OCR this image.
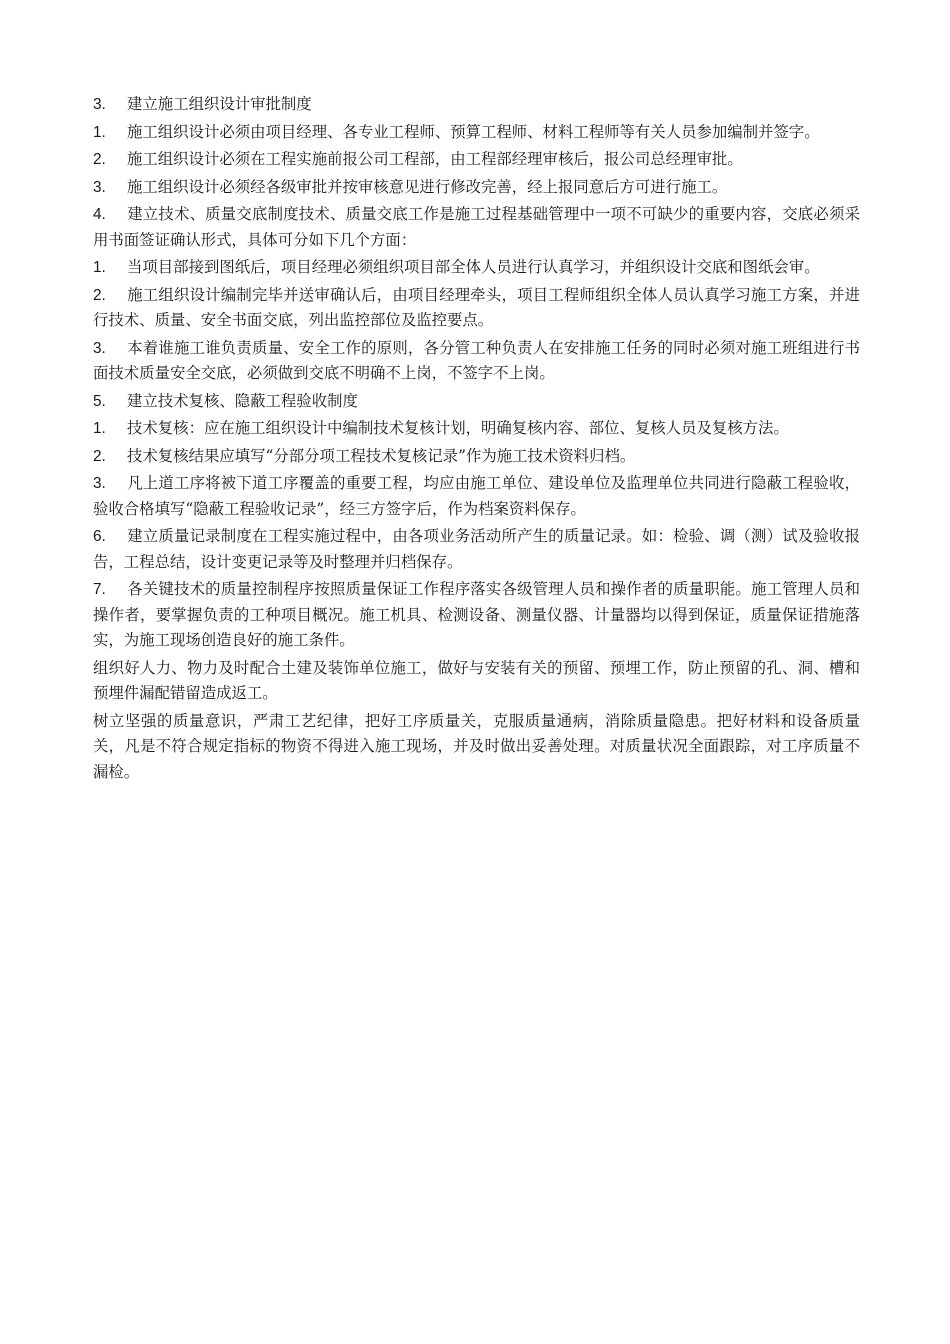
3. 建立施工组织设计审批制度

1. 施工组织设计必须由项目经理、各专业工程师、预算工程师、材料工程师等有关人员参加编制并签字。

2. 施工组织设计必须在工程实施前报公司工程部，由工程部经理审核后，报公司总经理审批。

3. 施工组织设计必须经各级审批并按审核意见进行修改完善，经上报同意后方可进行施工。

4. 建立技术、质量交底制度技术、质量交底工作是施工过程基础管理中一项不可缺少的重要内容，交底必须采用书面签证确认形式，具体可分如下几个方面：

1. 当项目部接到图纸后，项目经理必须组织项目部全体人员进行认真学习，并组织设计交底和图纸会审。

2. 施工组织设计编制完毕并送审确认后，由项目经理牵头，项目工程师组织全体人员认真学习施工方案，并进行技术、质量、安全书面交底，列出监控部位及监控要点。

3. 本着谁施工谁负责质量、安全工作的原则，各分管工种负责人在安排施工任务的同时必须对施工班组进行书面技术质量安全交底，必须做到交底不明确不上岗，不签字不上岗。

5. 建立技术复核、隐蔽工程验收制度

1. 技术复核：应在施工组织设计中编制技术复核计划，明确复核内容、部位、复核人员及复核方法。

2. 技术复核结果应填写“分部分项工程技术复核记录”作为施工技术资料归档。

3. 凡上道工序将被下道工序覆盖的重要工程，均应由施工单位、建设单位及监理单位共同进行隐蔽工程验收，验收合格填写“隐蔽工程验收记录”，经三方签字后，作为档案资料保存。

6. 建立质量记录制度在工程实施过程中，由各项业务活动所产生的质量记录。如：检验、调（测）试及验收报告，工程总结，设计变更记录等及时整理并归档保存。

7. 各关键技术的质量控制程序按照质量保证工作程序落实各级管理人员和操作者的质量职能。施工管理人员和操作者，要掌握负责的工种项目概况。施工机具、检测设备、测量仪器、计量器均以得到保证，质量保证措施落实，为施工现场创造良好的施工条件。

组织好人力、物力及时配合土建及装饰单位施工，做好与安装有关的预留、预埋工作，防止预留的孔、洞、槽和预埋件漏配错留造成返工。

树立坚强的质量意识，严肃工艺纪律，把好工序质量关，克服质量通病，消除质量隐患。把好材料和设备质量关，凡是不符合规定指标的物资不得进入施工现场，并及时做出妥善处理。对质量状况全面跟踪，对工序质量不漏检。
